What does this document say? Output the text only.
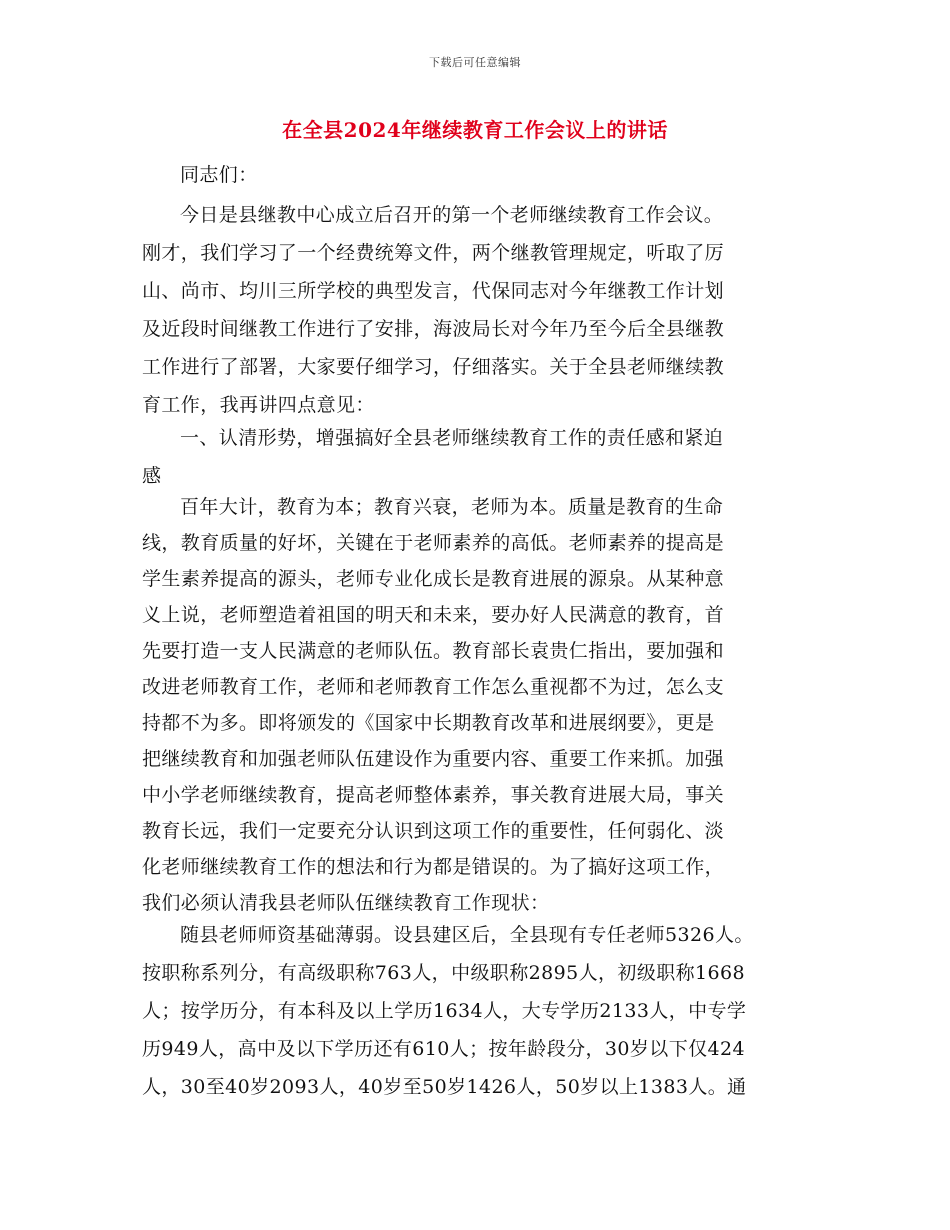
下载后可任意编辑
在全县2024年继续教育工作会议上的讲话
同志们：
今日是县继教中心成立后召开的第一个老师继续教育工作会议。
刚才，我们学习了一个经费统筹文件，两个继教管理规定，听取了厉
山、尚市、均川三所学校的典型发言，代保同志对今年继教工作计划
及近段时间继教工作进行了安排，海波局长对今年乃至今后全县继教
工作进行了部署，大家要仔细学习，仔细落实。关于全县老师继续教
育工作，我再讲四点意见：
一、认清形势，增强搞好全县老师继续教育工作的责任感和紧迫
感
百年大计，教育为本；教育兴衰，老师为本。质量是教育的生命
线，教育质量的好坏，关键在于老师素养的高低。老师素养的提高是
学生素养提高的源头，老师专业化成长是教育进展的源泉。从某种意
义上说，老师塑造着祖国的明天和未来，要办好人民满意的教育，首
先要打造一支人民满意的老师队伍。教育部长袁贵仁指出，要加强和
改进老师教育工作，老师和老师教育工作怎么重视都不为过，怎么支
持都不为多。即将颁发的《国家中长期教育改革和进展纲要》，更是
把继续教育和加强老师队伍建设作为重要内容、重要工作来抓。加强
中小学老师继续教育，提高老师整体素养，事关教育进展大局，事关
教育长远，我们一定要充分认识到这项工作的重要性，任何弱化、淡
化老师继续教育工作的想法和行为都是错误的。为了搞好这项工作，
我们必须认清我县老师队伍继续教育工作现状：
随县老师师资基础薄弱。设县建区后，全县现有专任老师5326人。
按职称系列分，有高级职称763人，中级职称2895人，初级职称1668
人；按学历分，有本科及以上学历1634人，大专学历2133人，中专学
历949人，高中及以下学历还有610人；按年龄段分，30岁以下仅424
人，30至40岁2093人，40岁至50岁1426人，50岁以上1383人。通
